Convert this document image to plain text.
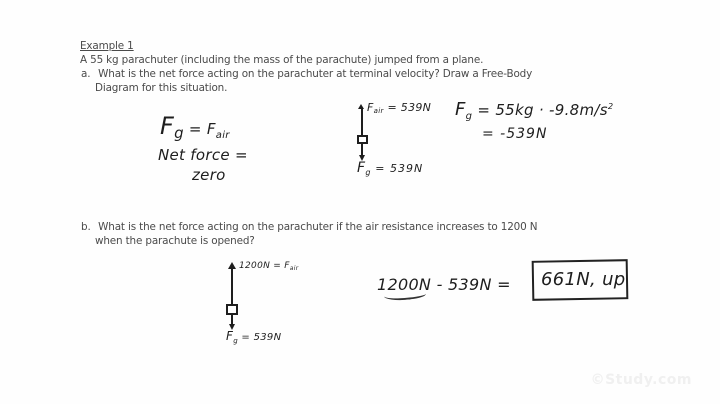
Example 1
A 55 kg parachuter (including the mass of the parachute) jumped from a plane.
a. What is the net force acting on the parachuter at terminal velocity? Draw a Free-Body
Diagram for this situation.
b. What is the net force acting on the parachuter if the air resistance increases to 1200 N
when the parachute is opened?
Fg = Fair
Net force =
zero
Fair = 539N
$F_g = 539N$
$F_g = 55kg \cdot -9.8m/s^2$
= -539N
$1200N = F_{air}$
$F_g = 539N$
1200N - 539N = 661N, up
©Study.com
